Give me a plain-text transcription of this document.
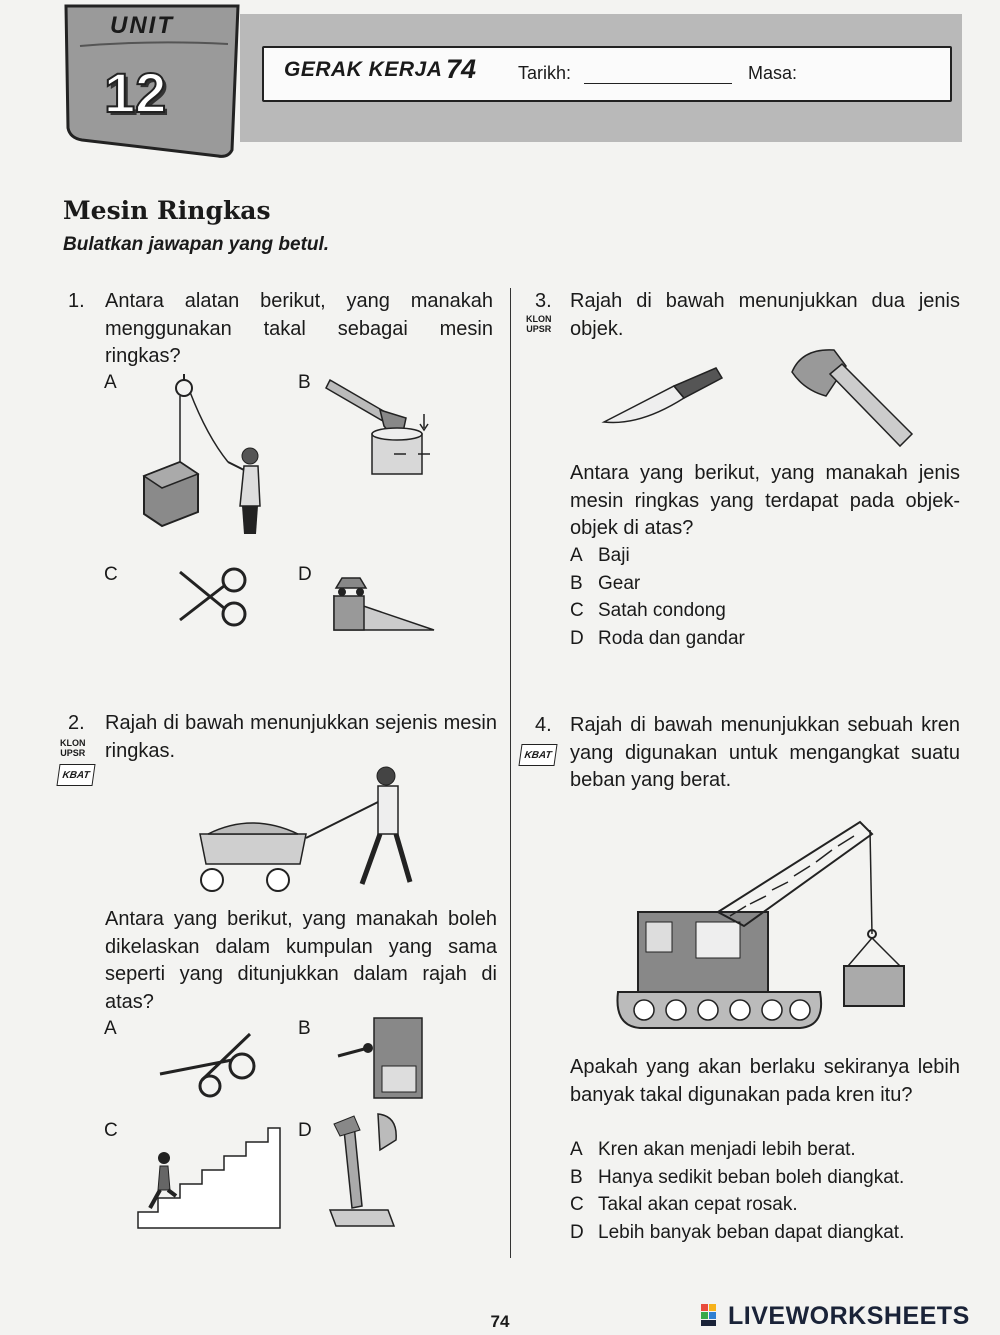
UNIT
12	GERAK KERJA 74 Tarikh:	Masa:
Mesin Ringkas
Bulatkan jawapan yang betul.
1. Antara alatan berikut, yang manakah menggunakan takal sebagai mesin ringkas?
A	B
C	D
2.
KLON
UPSR
KBAT
Rajah di bawah menunjukkan sejenis mesin ringkas.
Antara yang berikut, yang manakah boleh dikelaskan dalam kumpulan yang sama seperti yang ditunjukkan dalam rajah di atas?
A	B
C	D
3.
KLON
UPSR
Rajah di bawah menunjukkan dua jenis objek.
Antara yang berikut, yang manakah jenis mesin ringkas yang terdapat pada objek-objek di atas?
A Baji
B Gear
C Satah condong
D Roda dan gandar
4.
KBAT
Rajah di bawah menunjukkan sebuah kren yang digunakan untuk mengangkat suatu beban yang berat.
Apakah yang akan berlaku sekiranya lebih banyak takal digunakan pada kren itu?
A Kren akan menjadi lebih berat.
B Hanya sedikit beban boleh diangkat.
C Takal akan cepat rosak.
D Lebih banyak beban dapat diangkat.
74	LIVEWORKSHEETS
